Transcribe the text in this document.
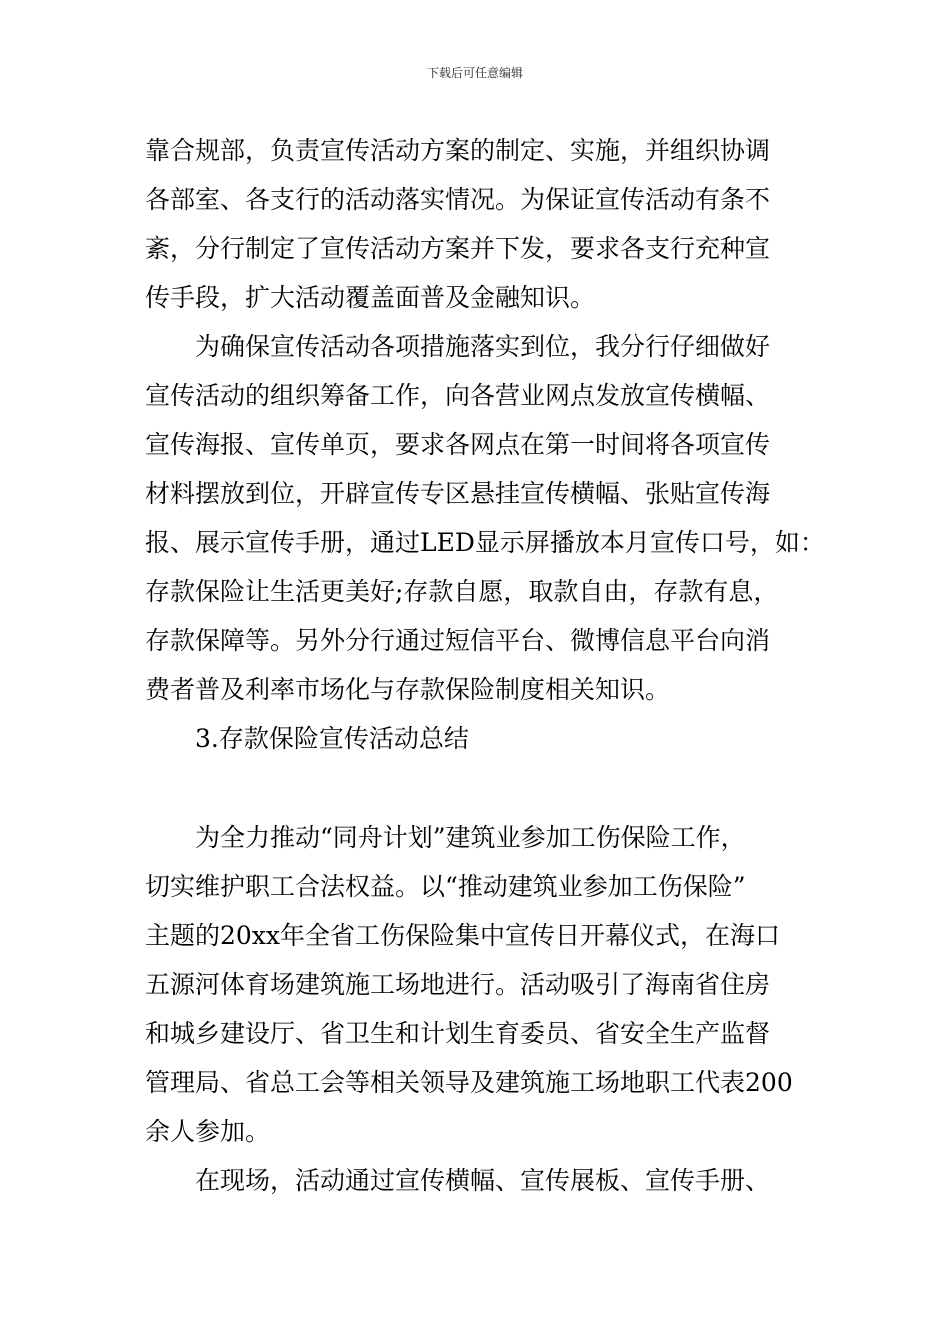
下载后可任意编辑
靠合规部，负责宣传活动方案的制定、实施，并组织协调
各部室、各支行的活动落实情况。为保证宣传活动有条不
紊，分行制定了宣传活动方案并下发，要求各支行充种宣
传手段，扩大活动覆盖面普及金融知识。
为确保宣传活动各项措施落实到位，我分行仔细做好
宣传活动的组织筹备工作，向各营业网点发放宣传横幅、
宣传海报、宣传单页，要求各网点在第一时间将各项宣传
材料摆放到位，开辟宣传专区悬挂宣传横幅、张贴宣传海
报、展示宣传手册，通过LED显示屏播放本月宣传口号，如：
存款保险让生活更美好;存款自愿，取款自由，存款有息，
存款保障等。另外分行通过短信平台、微博信息平台向消
费者普及利率市场化与存款保险制度相关知识。
3.存款保险宣传活动总结
为全力推动“同舟计划”建筑业参加工伤保险工作，
切实维护职工合法权益。以“推动建筑业参加工伤保险”
主题的20xx年全省工伤保险集中宣传日开幕仪式，在海口
五源河体育场建筑施工场地进行。活动吸引了海南省住房
和城乡建设厅、省卫生和计划生育委员、省安全生产监督
管理局、省总工会等相关领导及建筑施工场地职工代表200
余人参加。
在现场，活动通过宣传横幅、宣传展板、宣传手册、
